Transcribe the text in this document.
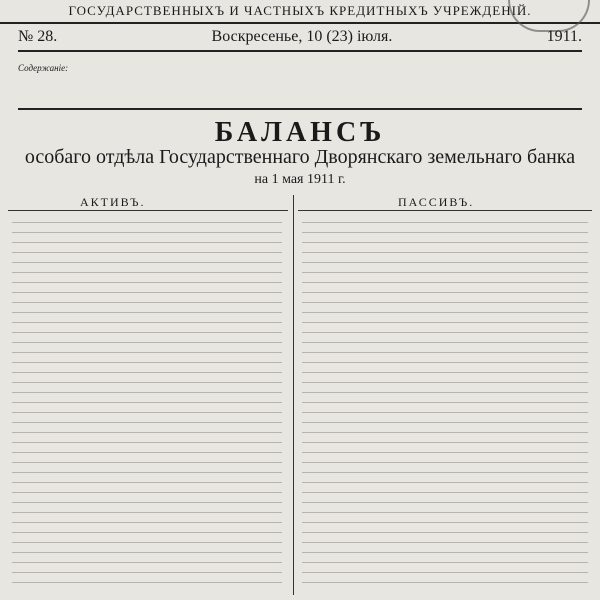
ГОСУДАРСТВЕННЫХЪ И ЧАСТНЫХЪ КРЕДИТНЫХЪ УЧРЕЖДЕНІЙ.
№ 28.	Воскресенье, 10 (23) іюля.	1911.
Содержаніе:
БАЛАНСЪ
особаго отдѣла Государственнаго Дворянскаго земельнаго банка
на 1 мая 1911 г.
АКТИВЪ.	ПАССИВЪ.
